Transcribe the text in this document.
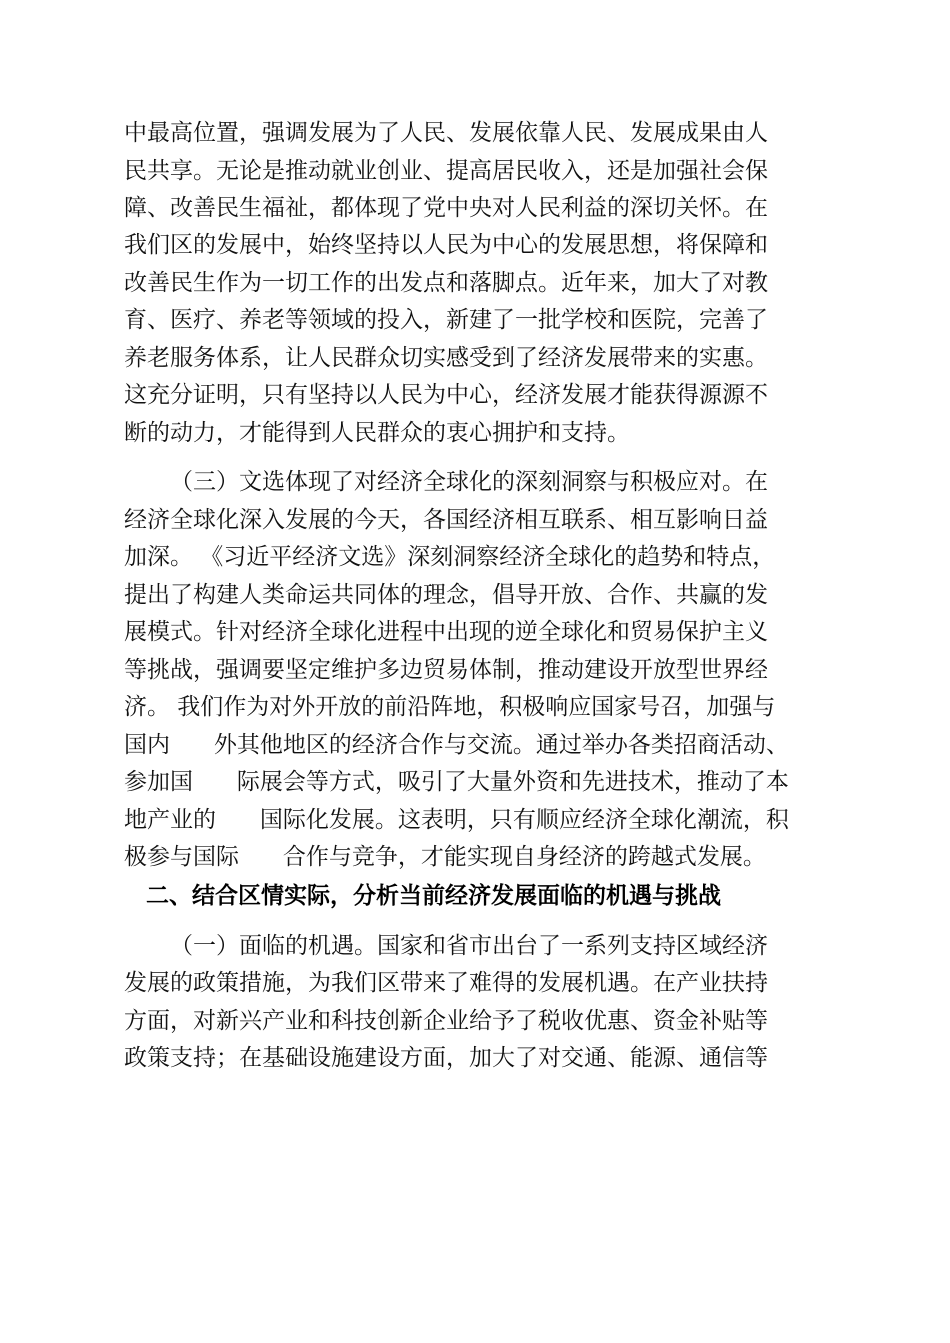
中最高位置，强调发展为了人民、发展依靠人民、发展成果由人
民共享。无论是推动就业创业、提高居民收入，还是加强社会保
障、改善民生福祉，都体现了党中央对人民利益的深切关怀。在
我们区的发展中，始终坚持以人民为中心的发展思想，将保障和
改善民生作为一切工作的出发点和落脚点。近年来，加大了对教
育、医疗、养老等领域的投入，新建了一批学校和医院，完善了
养老服务体系，让人民群众切实感受到了经济发展带来的实惠。
这充分证明，只有坚持以人民为中心，经济发展才能获得源源不
断的动力，才能得到人民群众的衷心拥护和支持。
（三）文选体现了对经济全球化的深刻洞察与积极应对。在
经济全球化深入发展的今天，各国经济相互联系、相互影响日益
加深。 《习近平经济文选》深刻洞察经济全球化的趋势和特点，
提出了构建人类命运共同体的理念，倡导开放、合作、共赢的发
展模式。针对经济全球化进程中出现的逆全球化和贸易保护主义
等挑战，强调要坚定维护多边贸易体制，推动建设开放型世界经
济。 我们作为对外开放的前沿阵地，积极响应国家号召，加强与
国内      外其他地区的经济合作与交流。通过举办各类招商活动、
参加国      际展会等方式，吸引了大量外资和先进技术，推动了本
地产业的      国际化发展。这表明，只有顺应经济全球化潮流，积
极参与国际      合作与竞争，才能实现自身经济的跨越式发展。
二、结合区情实际，分析当前经济发展面临的机遇与挑战
（一）面临的机遇。国家和省市出台了一系列支持区域经济
发展的政策措施，为我们区带来了难得的发展机遇。在产业扶持
方面，对新兴产业和科技创新企业给予了税收优惠、资金补贴等
政策支持；在基础设施建设方面，加大了对交通、能源、通信等
